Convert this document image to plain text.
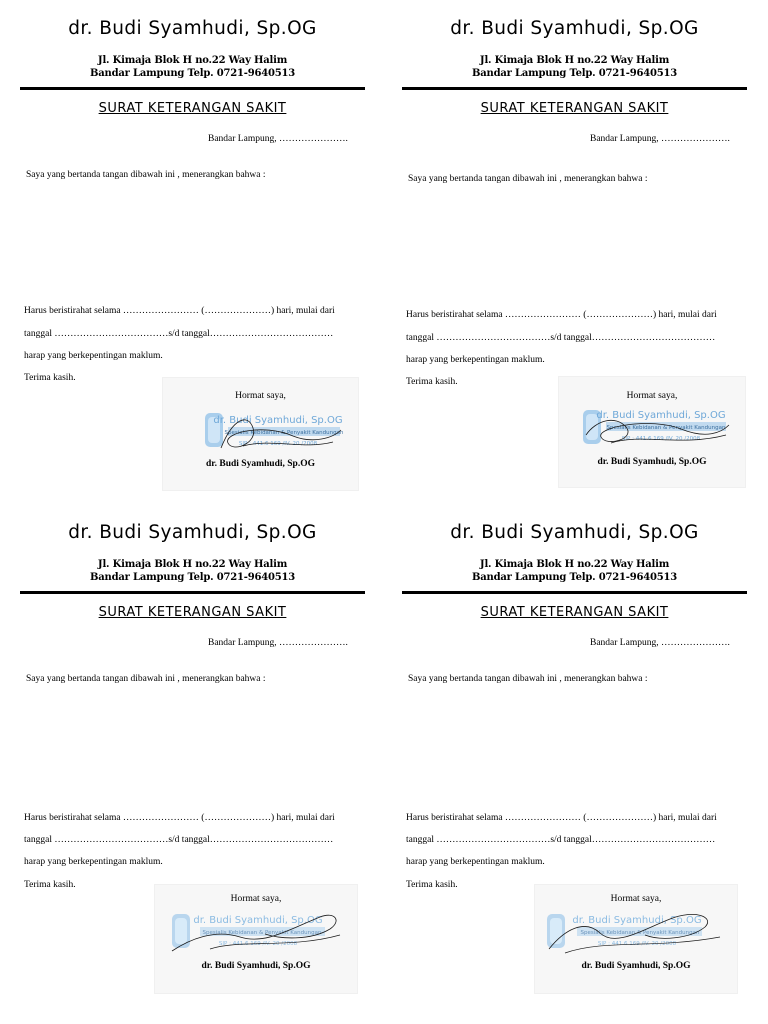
dr. Budi Syamhudi, Sp.OG
Jl. Kimaja Blok H no.22 Way Halim
Bandar Lampung Telp. 0721-9640513
SURAT KETERANGAN SAKIT
Bandar Lampung, ………………….
Saya yang bertanda tangan dibawah ini , menerangkan bahwa :
Harus beristirahat selama …………………… (…………………) hari, mulai dari
tanggal ………………………………s/d tanggal…………………………………
harap yang berkepentingan maklum.
Terima kasih.
Hormat saya,
dr. Budi Syamhudi, Sp.OG
Spesialis Kebidanan & Penyakit Kandungan
SIP : 441.6 169 /IV. 20 /2008
dr. Budi Syamhudi, Sp.OG
dr. Budi Syamhudi, Sp.OG
Jl. Kimaja Blok H no.22 Way Halim
Bandar Lampung Telp. 0721-9640513
SURAT KETERANGAN SAKIT
Bandar Lampung, ………………….
Saya yang bertanda tangan dibawah ini , menerangkan bahwa :
Harus beristirahat selama …………………… (…………………) hari, mulai dari
tanggal ………………………………s/d tanggal…………………………………
harap yang berkepentingan maklum.
Terima kasih.
Hormat saya,
dr. Budi Syamhudi, Sp.OG
Spesialis Kebidanan & Penyakit Kandungan
SIP : 441.6 169 /IV. 20 /2008
dr. Budi Syamhudi, Sp.OG
dr. Budi Syamhudi, Sp.OG
Jl. Kimaja Blok H no.22 Way Halim
Bandar Lampung Telp. 0721-9640513
SURAT KETERANGAN SAKIT
Bandar Lampung, ………………….
Saya yang bertanda tangan dibawah ini , menerangkan bahwa :
Harus beristirahat selama …………………… (…………………) hari, mulai dari
tanggal ………………………………s/d tanggal…………………………………
harap yang berkepentingan maklum.
Terima kasih.
Hormat saya,
dr. Budi Syamhudi, Sp.OG
Spesialis Kebidanan & Penyakit Kandungan
SIP : 441.6 169 /IV. 20 /2008
dr. Budi Syamhudi, Sp.OG
dr. Budi Syamhudi, Sp.OG
Jl. Kimaja Blok H no.22 Way Halim
Bandar Lampung Telp. 0721-9640513
SURAT KETERANGAN SAKIT
Bandar Lampung, ………………….
Saya yang bertanda tangan dibawah ini , menerangkan bahwa :
Harus beristirahat selama …………………… (…………………) hari, mulai dari
tanggal ………………………………s/d tanggal…………………………………
harap yang berkepentingan maklum.
Terima kasih.
Hormat saya,
dr. Budi Syamhudi, Sp.OG
Spesialis Kebidanan & Penyakit Kandungan
SIP : 441.6 169 /IV. 20 /2008
dr. Budi Syamhudi, Sp.OG
